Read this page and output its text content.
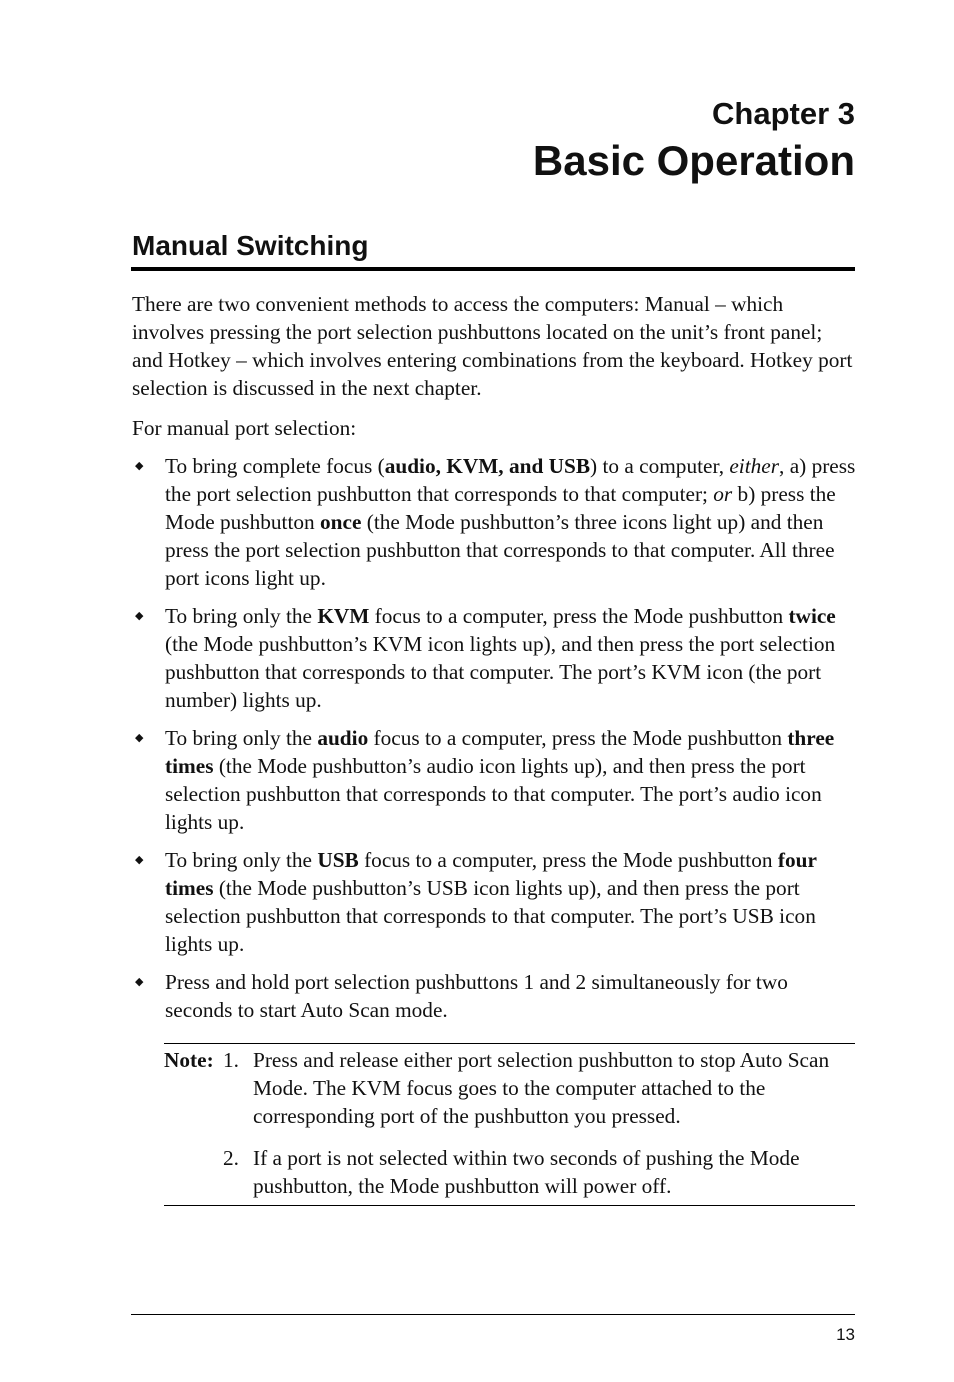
Chapter 3
Basic Operation
Manual Switching

There are two convenient methods to access the computers: Manual – which involves pressing the port selection pushbuttons located on the unit’s front panel; and Hotkey – which involves entering combinations from the keyboard. Hotkey port selection is discussed in the next chapter.

For manual port selection:

◆ To bring complete focus (audio, KVM, and USB) to a computer, either, a) press the port selection pushbutton that corresponds to that computer; or b) press the Mode pushbutton once (the Mode pushbutton’s three icons light up) and then press the port selection pushbutton that corresponds to that computer. All three port icons light up.
◆ To bring only the KVM focus to a computer, press the Mode pushbutton twice (the Mode pushbutton’s KVM icon lights up), and then press the port selection pushbutton that corresponds to that computer. The port’s KVM icon (the port number) lights up.
◆ To bring only the audio focus to a computer, press the Mode pushbutton three times (the Mode pushbutton’s audio icon lights up), and then press the port selection pushbutton that corresponds to that computer. The port’s audio icon lights up.
◆ To bring only the USB focus to a computer, press the Mode pushbutton four times (the Mode pushbutton’s USB icon lights up), and then press the port selection pushbutton that corresponds to that computer. The port’s USB icon lights up.
◆ Press and hold port selection pushbuttons 1 and 2 simultaneously for two seconds to start Auto Scan mode.
Note: 1. Press and release either port selection pushbutton to stop Auto Scan Mode. The KVM focus goes to the computer attached to the corresponding port of the pushbutton you pressed.
2. If a port is not selected within two seconds of pushing the Mode pushbutton, the Mode pushbutton will power off.
13
